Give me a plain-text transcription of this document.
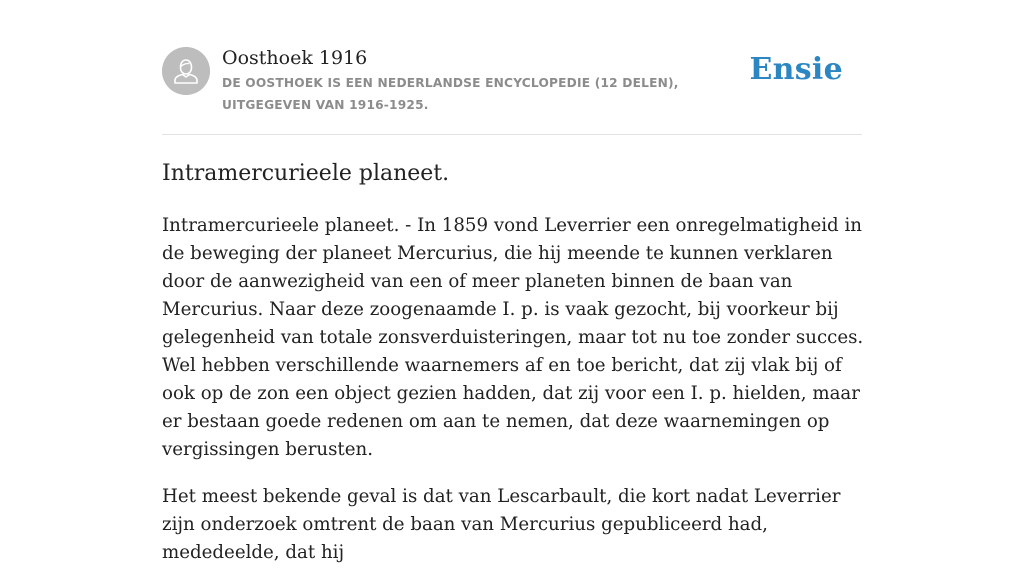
Oosthoek 1916
DE OOSTHOEK IS EEN NEDERLANDSE ENCYCLOPEDIE (12 DELEN), UITGEGEVEN VAN 1916-1925.
Ensie
Intramercurieele planeet.

Intramercurieele planeet. - In 1859 vond Leverrier een onregelmatigheid in de beweging der planeet Mercurius, die hij meende te kunnen verklaren door de aanwezigheid van een of meer planeten binnen de baan van Mercurius. Naar deze zoogenaamde I. p. is vaak gezocht, bij voorkeur bij gelegenheid van totale zonsverduisteringen, maar tot nu toe zonder succes. Wel hebben verschillende waarnemers af en toe bericht, dat zij vlak bij of ook op de zon een object gezien hadden, dat zij voor een I. p. hielden, maar er bestaan goede redenen om aan te nemen, dat deze waarnemingen op vergissingen berusten.

Het meest bekende geval is dat van Lescarbault, die kort nadat Leverrier zijn onderzoek omtrent de baan van Mercurius gepubliceerd had, mededeelde, dat hij
